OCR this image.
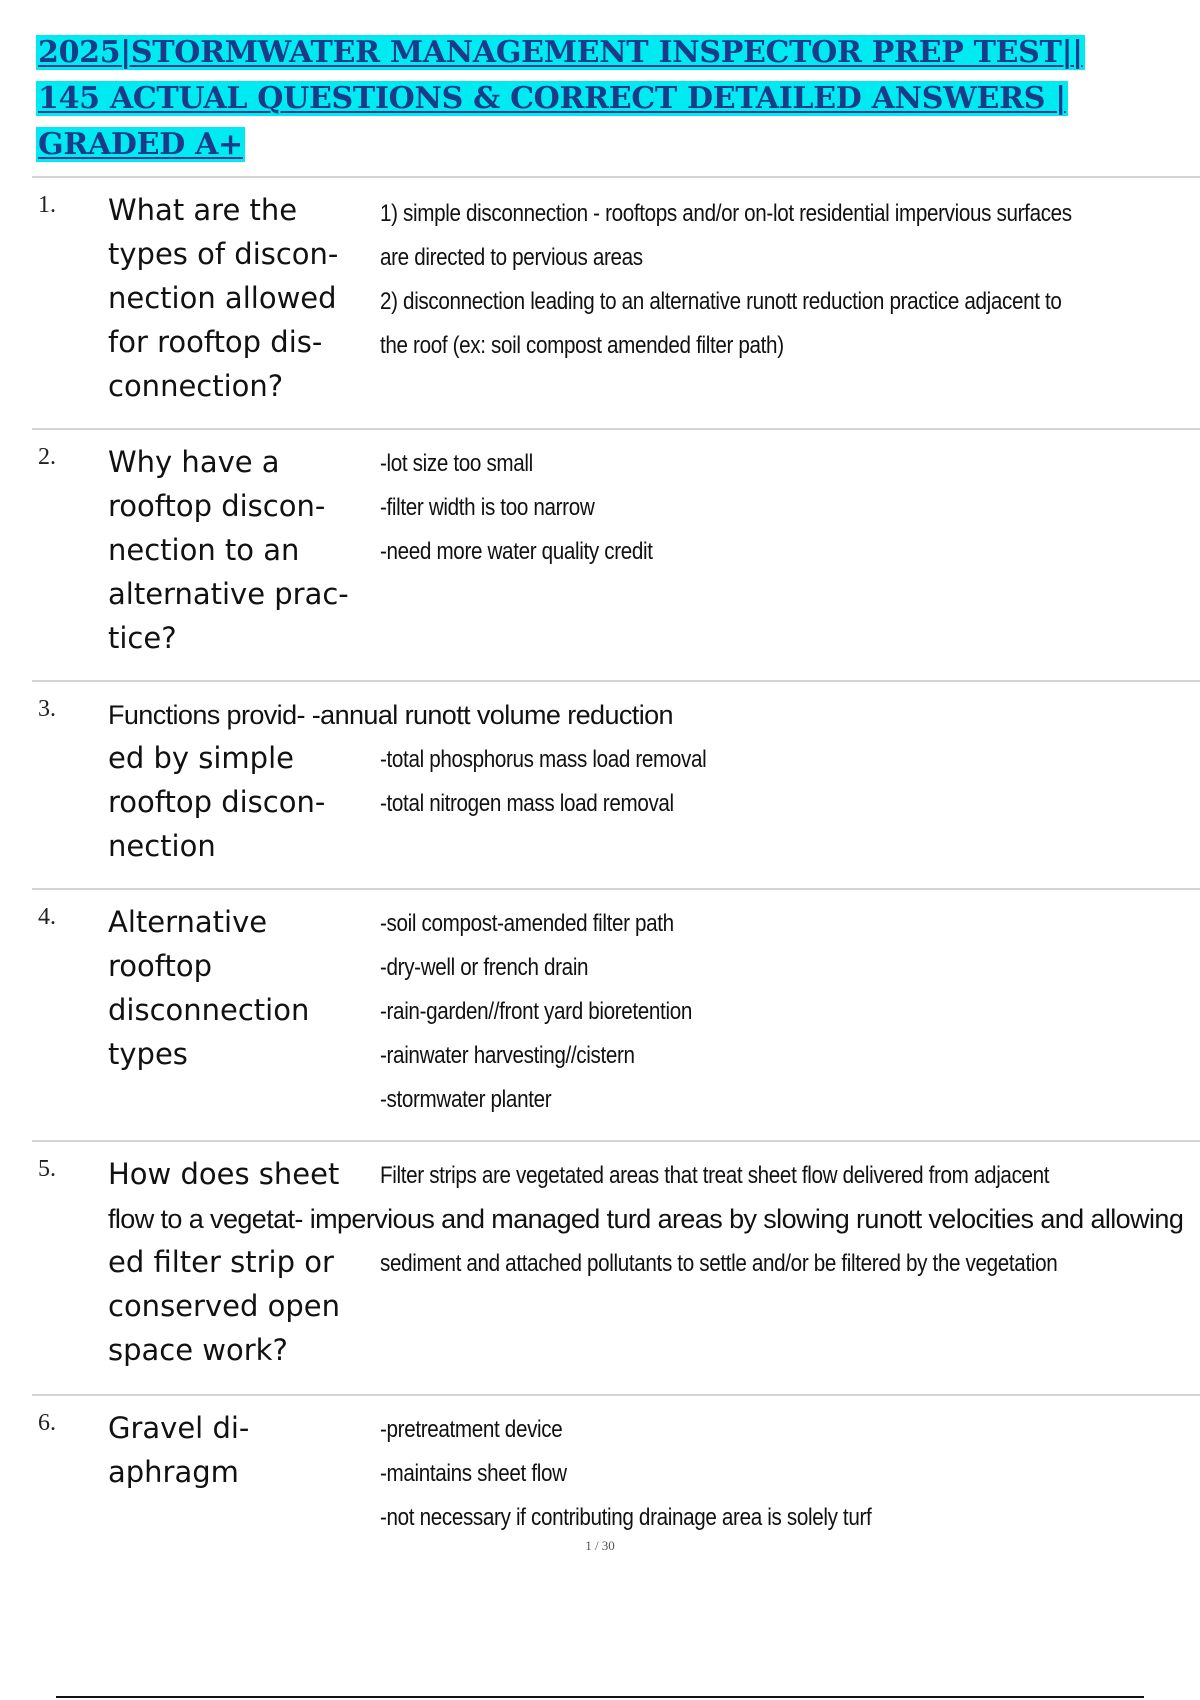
2025|STORMWATER MANAGEMENT INSPECTOR PREP TEST||
145 ACTUAL QUESTIONS & CORRECT DETAILED ANSWERS |
GRADED A+
1. What are the types of discon- nection allowed for rooftop dis- connection?
1) simple disconnection - rooftops and/or on-lot residential impervious surfaces
are directed to pervious areas
2) disconnection leading to an alternative runott reduction practice adjacent to
the roof (ex: soil compost amended filter path)
2. Why have a rooftop discon- nection to an alternative prac- tice?
-lot size too small
-filter width is too narrow
-need more water quality credit
3. Functions provid- -annual runott volume reduction
ed by simple rooftop discon- nection
-total phosphorus mass load removal
-total nitrogen mass load removal
4. Alternative rooftop disconnection types
-soil compost-amended filter path
-dry-well or french drain
-rain-garden//front yard bioretention
-rainwater harvesting//cistern
-stormwater planter
5. How does sheet	Filter strips are vegetated areas that treat sheet flow delivered from adjacent
flow to a vegetat- impervious and managed turd areas by slowing runott velocities and allowing
ed filter strip or conserved open space work?
sediment and attached pollutants to settle and/or be filtered by the vegetation
6. Gravel di- aphragm
-pretreatment device
-maintains sheet flow
-not necessary if contributing drainage area is solely turf
1 / 30
